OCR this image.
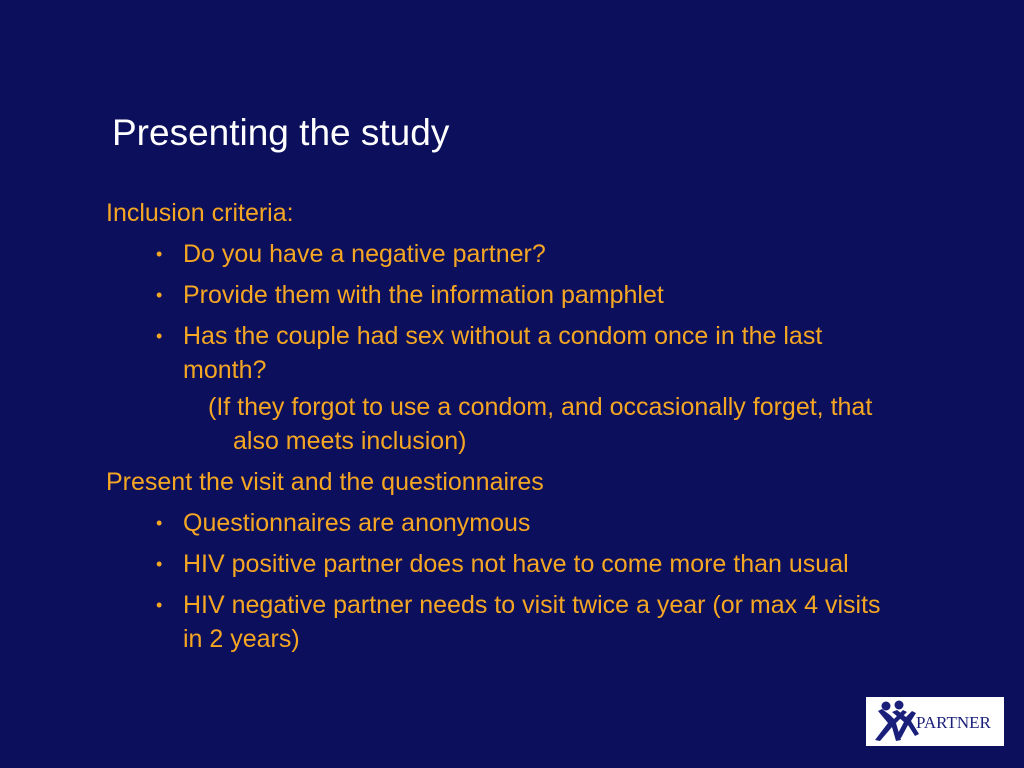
Presenting the study

Inclusion criteria:

• Do you have a negative partner?
• Provide them with the information pamphlet
• Has the couple had sex without a condom once in the last month?

(If they forgot to use a condom, and occasionally forget, that also meets inclusion)

Present the visit and the questionnaires

• Questionnaires are anonymous
• HIV positive partner does not have to come more than usual
• HIV negative partner needs to visit twice a year (or max 4 visits in 2 years)
PARTNER
